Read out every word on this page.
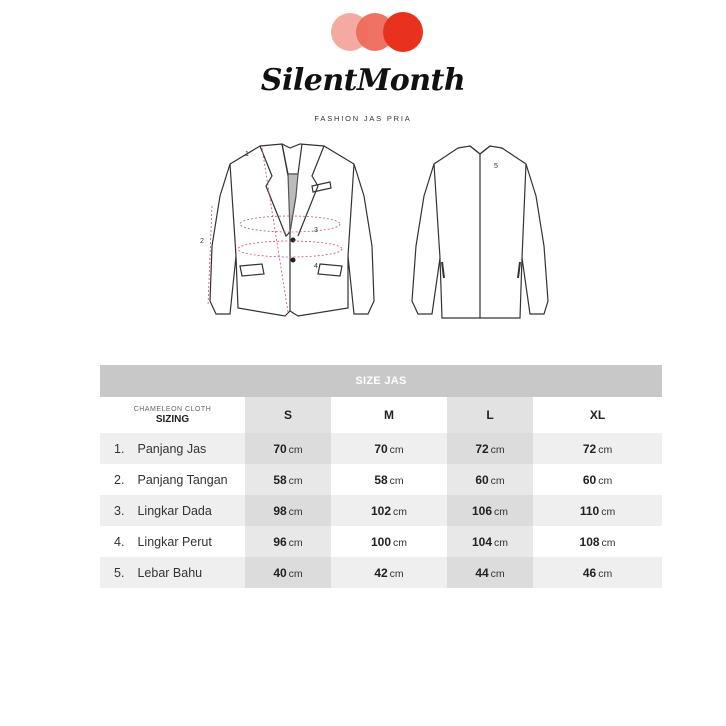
SilentMonth
FASHION JAS PRIA
1
2
3
4
5
SIZE JAS				

CHAMELEON CLOTH
SIZING	S	M	L	XL
1. Panjang Jas	70 cm	70 cm	72 cm	72 cm
2. Panjang Tangan	58 cm	58 cm	60 cm	60 cm
3. Lingkar Dada	98 cm	102 cm	106 cm	110 cm
4. Lingkar Perut	96 cm	100 cm	104 cm	108 cm
5. Lebar Bahu	40 cm	42 cm	44 cm	46 cm
